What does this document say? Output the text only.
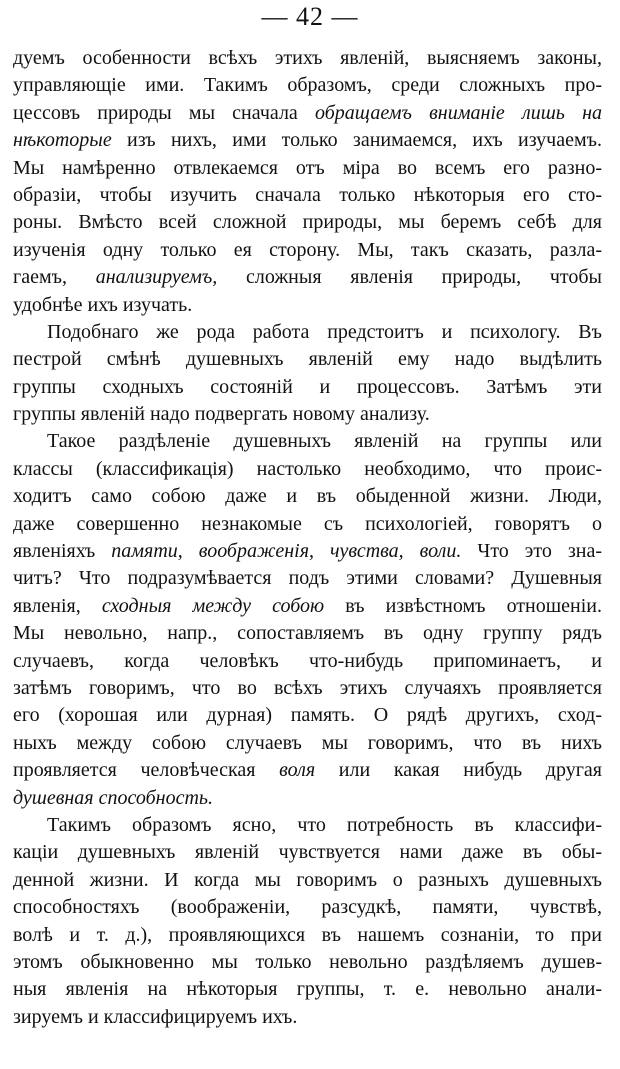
— 42 —
дуемъ особенности всѣхъ этихъ явленій, выясняемъ законы,
управляющіе ими. Такимъ образомъ, среди сложныхъ про-
цессовъ природы мы сначала обращаемъ вниманіе лишь на
нѣкоторые изъ нихъ, ими только занимаемся, ихъ изучаемъ.
Мы намѣренно отвлекаемся отъ міра во всемъ его разно-
образіи, чтобы изучить сначала только нѣкоторыя его сто-
роны. Вмѣсто всей сложной природы, мы беремъ себѣ для
изученія одну только ея сторону. Мы, такъ сказать, разла-
гаемъ, анализируемъ, сложныя явленія природы, чтобы
удобнѣе ихъ изучать.
Подобнаго же рода работа предстоитъ и психологу. Въ
пестрой смѣнѣ душевныхъ явленій ему надо выдѣлить
группы сходныхъ состояній и процессовъ. Затѣмъ эти
группы явленій надо подвергать новому анализу.
Такое раздѣленіе душевныхъ явленій на группы или
классы (классификація) настолько необходимо, что проис-
ходитъ само собою даже и въ обыденной жизни. Люди,
даже совершенно незнакомые съ психологіей, говорятъ о
явленіяхъ памяти, воображенія, чувства, воли. Что это зна-
читъ? Что подразумѣвается подъ этими словами? Душевныя
явленія, сходныя между собою въ извѣстномъ отношеніи.
Мы невольно, напр., сопоставляемъ въ одну группу рядъ
случаевъ, когда человѣкъ что-нибудь припоминаетъ, и
затѣмъ говоримъ, что во всѣхъ этихъ случаяхъ проявляется
его (хорошая или дурная) память. О рядѣ другихъ, сход-
ныхъ между собою случаевъ мы говоримъ, что въ нихъ
проявляется человѣческая воля или какая нибудь другая
душевная способность.
Такимъ образомъ ясно, что потребность въ классифи-
каціи душевныхъ явленій чувствуется нами даже въ обы-
денной жизни. И когда мы говоримъ о разныхъ душевныхъ
способностяхъ (воображеніи, разсудкѣ, памяти, чувствѣ,
волѣ и т. д.), проявляющихся въ нашемъ сознаніи, то при
этомъ обыкновенно мы только невольно раздѣляемъ душев-
ныя явленія на нѣкоторыя группы, т. е. невольно анали-
зируемъ и классифицируемъ ихъ.
